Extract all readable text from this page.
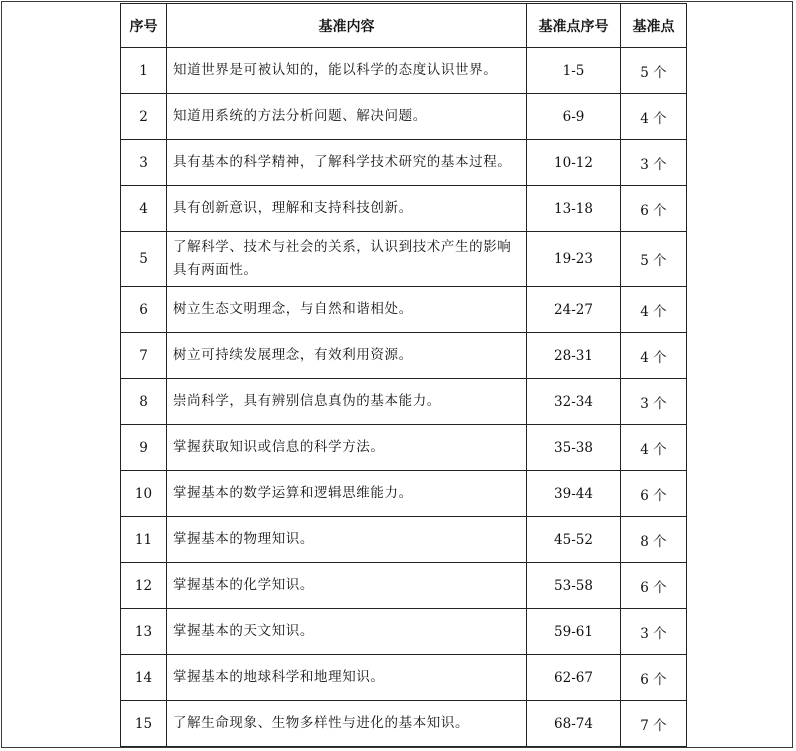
序号	基准内容	基准点序号	基准点
1	知道世界是可被认知的，能以科学的态度认识世界。	1-5	5 个
2	知道用系统的方法分析问题、解决问题。	6-9	4 个
3	具有基本的科学精神，了解科学技术研究的基本过程。	10-12	3 个
4	具有创新意识，理解和支持科技创新。	13-18	6 个
5	了解科学、技术与社会的关系，认识到技术产生的影响具有两面性。	19-23	5 个
6	树立生态文明理念，与自然和谐相处。	24-27	4 个
7	树立可持续发展理念，有效利用资源。	28-31	4 个
8	崇尚科学，具有辨别信息真伪的基本能力。	32-34	3 个
9	掌握获取知识或信息的科学方法。	35-38	4 个
10	掌握基本的数学运算和逻辑思维能力。	39-44	6 个
11	掌握基本的物理知识。	45-52	8 个
12	掌握基本的化学知识。	53-58	6 个
13	掌握基本的天文知识。	59-61	3 个
14	掌握基本的地球科学和地理知识。	62-67	6 个
15	了解生命现象、生物多样性与进化的基本知识。	68-74	7 个
